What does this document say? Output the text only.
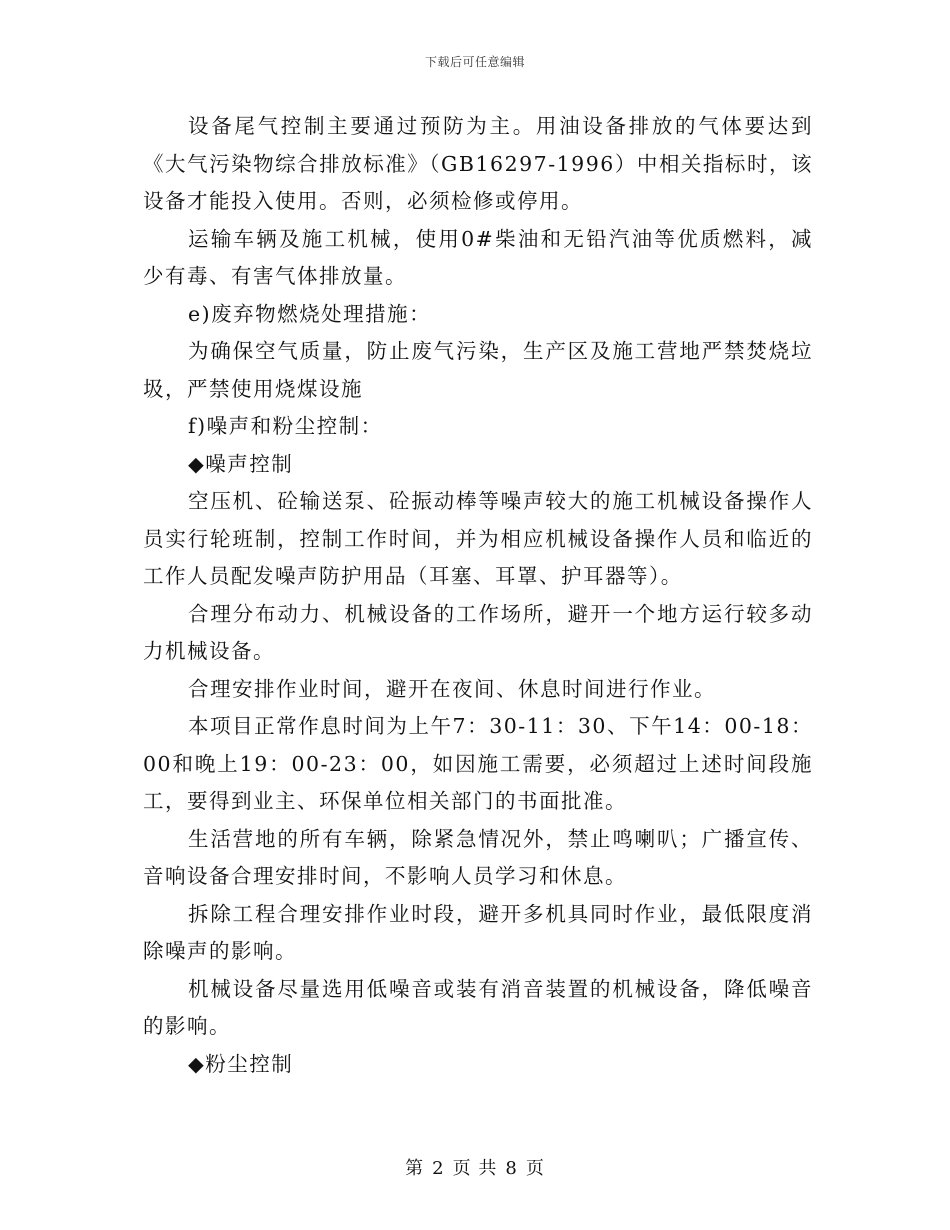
下载后可任意编辑

设备尾气控制主要通过预防为主。用油设备排放的气体要达到《大气污染物综合排放标准》（GB16297-1996）中相关指标时，该设备才能投入使用。否则，必须检修或停用。

运输车辆及施工机械，使用0#柴油和无铅汽油等优质燃料，减少有毒、有害气体排放量。

e)废弃物燃烧处理措施：

为确保空气质量，防止废气污染，生产区及施工营地严禁焚烧垃圾，严禁使用烧煤设施

f)噪声和粉尘控制：

◆噪声控制

空压机、砼输送泵、砼振动棒等噪声较大的施工机械设备操作人员实行轮班制，控制工作时间，并为相应机械设备操作人员和临近的工作人员配发噪声防护用品（耳塞、耳罩、护耳器等）。

合理分布动力、机械设备的工作场所，避开一个地方运行较多动力机械设备。

合理安排作业时间，避开在夜间、休息时间进行作业。

本项目正常作息时间为上午7：30-11：30、下午14：00-18：00和晚上19：00-23：00，如因施工需要，必须超过上述时间段施工，要得到业主、环保单位相关部门的书面批准。

生活营地的所有车辆，除紧急情况外，禁止鸣喇叭；广播宣传、音响设备合理安排时间，不影响人员学习和休息。

拆除工程合理安排作业时段，避开多机具同时作业，最低限度消除噪声的影响。

机械设备尽量选用低噪音或装有消音装置的机械设备，降低噪音的影响。

◆粉尘控制

第 2 页 共 8 页
